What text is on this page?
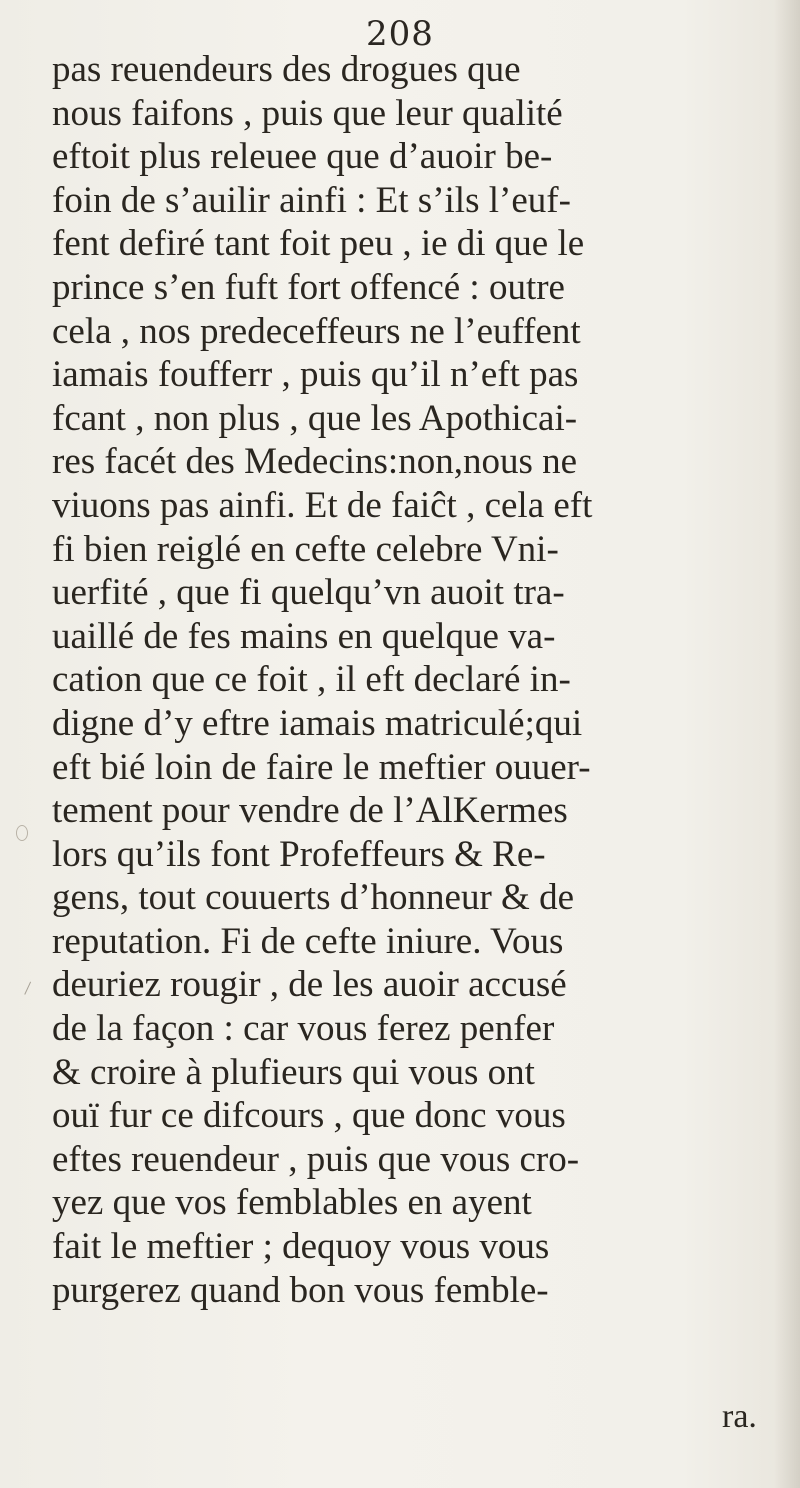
208
pas reuendeurs des drogues que
nous faifons , puis que leur qualité
eftoit plus releuee que d’auoir be-
foin de s’auilir ainfi : Et s’ils l’euf-
fent defiré tant foit peu , ie di que le
prince s’en fuft fort offencé : outre
cela , nos predeceffeurs ne l’euffent
iamais foufferr , puis qu’il n’eft pas
fcant , non plus , que les Apothicai-
res facét des Medecins:non,nous ne
viuons pas ainfi. Et de faiĉt , cela eft
fi bien reiglé en cefte celebre Vni-
uerfité , que fi quelqu’vn auoit tra-
uaillé de fes mains en quelque va-
cation que ce foit , il eft declaré in-
digne d’y eftre iamais matriculé;qui
eft bié loin de faire le meftier ouuer-
tement pour vendre de l’AlKermes
lors qu’ils font Profeffeurs & Re-
gens, tout couuerts d’honneur & de
reputation. Fi de cefte iniure. Vous
deuriez rougir , de les auoir accusé
de la façon : car vous ferez penfer
& croire à plufieurs qui vous ont
ouï fur ce difcours , que donc vous
eftes reuendeur , puis que vous cro-
yez que vos femblables en ayent
fait le meftier ; dequoy vous vous
purgerez quand bon vous femble-
ra.
